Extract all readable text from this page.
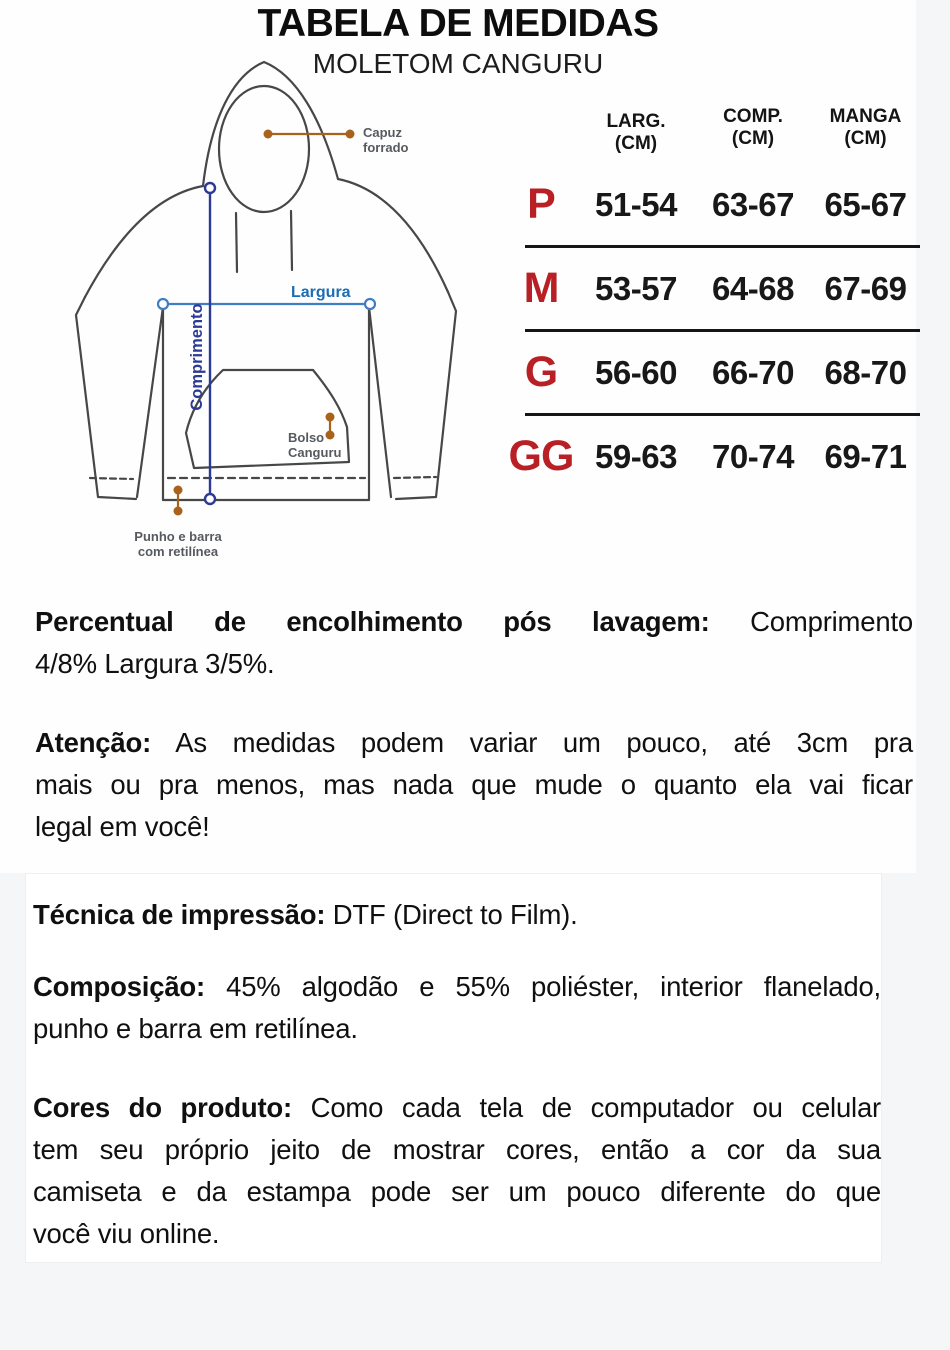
TABELA DE MEDIDAS
MOLETOM CANGURU
Largura
Comprimento
Capuz
forrado
Bolso
Canguru
Punho e barra
com retilínea
LARG.
(CM)
COMP.
(CM)
MANGA
(CM)
P	51-54	63-67 65-67
M	53-57	64-68 67-69
G	56-60	66-70 68-70
GG 59-63	70-74 69-71
Percentual de encolhimento pós lavagem: Comprimento
4/8% Largura 3/5%.
Atenção: As medidas podem variar um pouco, até 3cm pra
mais ou pra menos, mas nada que mude o quanto ela vai ficar
legal em você!
Técnica de impressão: DTF (Direct to Film).
Composição: 45% algodão e 55% poliéster, interior flanelado,
punho e barra em retilínea.
Cores do produto: Como cada tela de computador ou celular
tem seu próprio jeito de mostrar cores, então a cor da sua
camiseta e da estampa pode ser um pouco diferente do que
você viu online.
